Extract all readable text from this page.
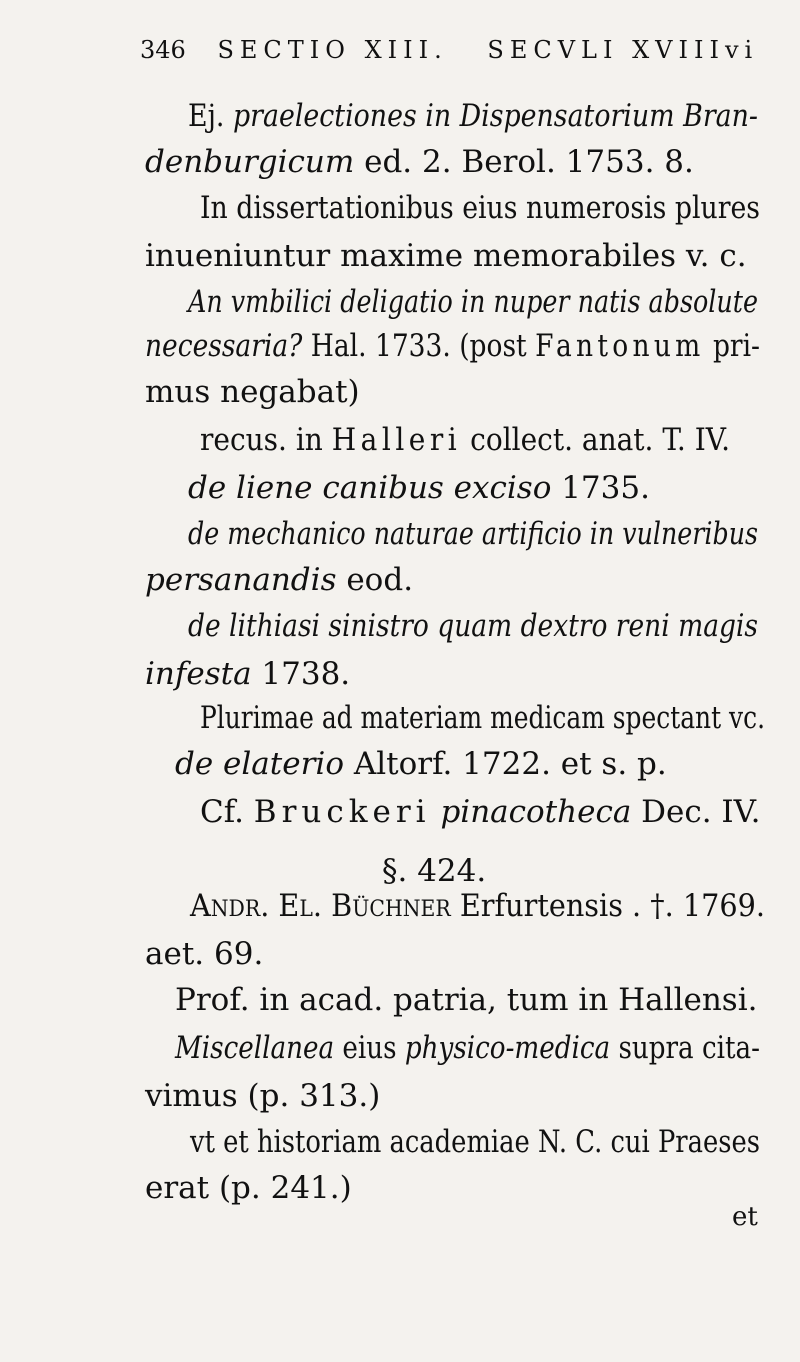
346 SECTIO XIII. SECVLI XVIIIvi
Ej. praelectiones in Dispensatorium Bran-
denburgicum ed. 2. Berol. 1753. 8.
In dissertationibus eius numerosis plures
inueniuntur maxime memorabiles v. c.
An vmbilici deligatio in nuper natis absolute
necessaria? Hal. 1733. (post Fantonum pri-
mus negabat)
recus. in Halleri collect. anat. T. IV.
de liene canibus exciso 1735.
de mechanico naturae artificio in vulneribus
persanandis eod.
de lithiasi sinistro quam dextro reni magis
infesta 1738.
Plurimae ad materiam medicam spectant vc.
de elaterio Altorf. 1722. et s. p.
Cf. Bruckeri pinacotheca Dec. IV.
§. 424.
Andr. El. Büchner Erfurtensis . †. 1769.
aet. 69.
Prof. in acad. patria, tum in Hallensi.
Miscellanea eius physico-medica supra cita-
vimus (p. 313.)
vt et historiam academiae N. C. cui Praeses
erat (p. 241.)
et
